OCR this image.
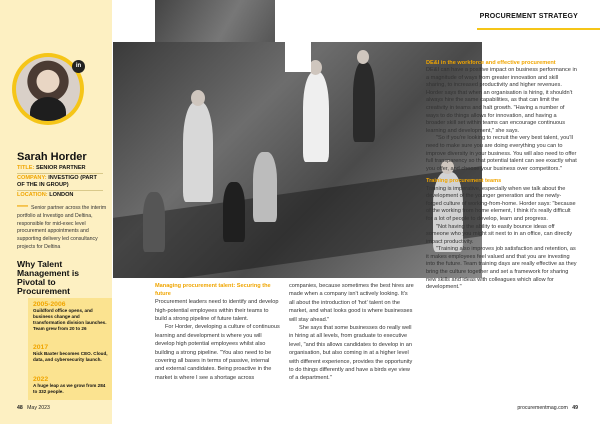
in
Sarah Horder
TITLE: SENIOR PARTNER
COMPANY: INVESTIGO (PART OF THE IN GROUP)
LOCATION: LONDON
— Senior partner across the interim portfolio at Investigo and Deltina, responsible for mid-exec level procurement appointments and supporting delivery led consultancy projects for Deltina
Why Talent Management is Pivotal to Procurement
2005-2006
Guildford office opens, and business change and transformation division launches. Team grew from 20 to 26
2017
Nick Baxter becomes CEO. Cloud, data, and cybersecurity launch.
2022
A huge leap as we grow from 284 to 332 people.
PROCUREMENT STRATEGY

Managing procurement talent: Securing the future

Procurement leaders need to identify and develop high-potential employees within their teams to build a strong pipeline of future talent.

For Horder, developing a culture of continuous learning and development is where you will develop high potential employees whilst also building a strong pipeline. "You also need to be covering all bases in terms of passive, internal and external candidates. Being proactive in the market is where I see a shortage across

companies, because sometimes the best hires are made when a company isn't actively looking. It's all about the introduction of 'hot' talent on the market, and what looks good is where businesses will stay ahead."

She says that some businesses do really well in hiring at all levels, from graduate to executive level, "and this allows candidates to develop in an organisation, but also coming in at a higher level with different experience, provides the opportunity to do things differently and have a birds eye view of a department."

DE&I in the workforce and effective procurement

DE&I can have a positive impact on business performance in a magnitude of ways from greater innovation and skill sharing, to increased productivity and higher revenues. Horder says that when an organisation is hiring, it shouldn't always hire the same capabilities, as that can limit the creativity in teams and halt growth. "Having a number of ways to do things allows for innovation, and having a broader skill set within teams can encourage continuous learning and development," she says.

"So if you're looking to recruit the very best talent, you'll need to make sure you are doing everything you can to improve diversity in your business. You will also need to offer full transparency so that potential talent can see exactly what you offer, and choose your business over competitors."

Training procurement teams

Training is imperative, especially when we talk about the development of the younger generation and the newly-forged culture of working-from-home. Horder says: "because of the working from home element, I think it's really difficult for a lot of people to develop, learn and progress.

"Not having the ability to easily bounce ideas off someone who you might sit next to in an office, can directly impact productivity.

"Training also improves job satisfaction and retention, as it makes employees feel valued and that you are investing into the future. Team training days are really effective as they bring the culture together and set a framework for sharing new skills and ideas with colleagues which allow for development."

48 May 2023	procurementmag.com 49
